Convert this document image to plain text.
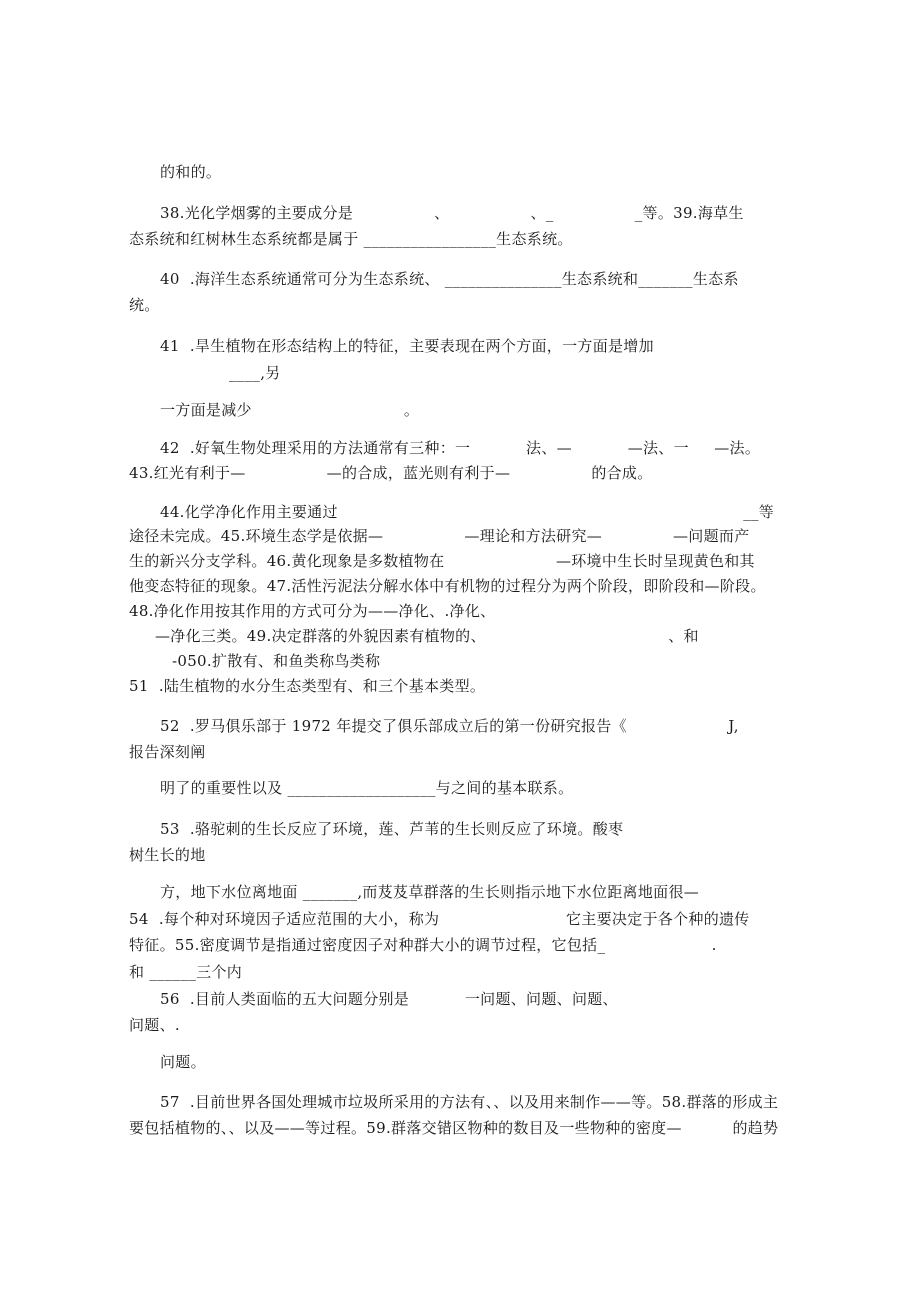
的和的。
38.光化学烟雾的主要成分是                、                、_                _等。39.海草生
态系统和红树林生态系统都是属于 _________________生态系统。
40  .海洋生态系统通常可分为生态系统、 _______________生态系统和_______生态系
统。
41  .旱生植物在形态结构上的特征，主要表现在两个方面，一方面是增加
____,另
一方面是减少                              。
42  .好氧生物处理采用的方法通常有三种：一           法、—           —法、一     —法。
43.红光有利于—                —的合成，蓝光则有利于—                的合成。
44.化学净化作用主要通过                                                                                __等
途径未完成。45.环境生态学是依据—                —理论和方法研究—              —问题而产
生的新兴分支学科。46.黄化现象是多数植物在                      —环境中生长时呈现黄色和其
他变态特征的现象。47.活性污泥法分解水体中有机物的过程分为两个阶段，即阶段和—阶段。
48.净化作用按其作用的方式可分为——净化、.净化、
—净化三类。49.决定群落的外貌因素有植物的、                                    、和
-050.扩散有、和鱼类称鸟类称
51  .陆生植物的水分生态类型有、和三个基本类型。
52  .罗马俱乐部于 1972 年提交了俱乐部成立后的第一份研究报告《                    J,
报告深刻阐
明了的重要性以及 ___________________与之间的基本联系。
53  .骆驼刺的生长反应了环境，莲、芦苇的生长则反应了环境。酸枣
树生长的地
方，地下水位离地面 _______,而芨芨草群落的生长则指示地下水位距离地面很—
54  .每个种对环境因子适应范围的大小，称为                         它主要决定于各个种的遗传
特征。55.密度调节是指通过密度因子对种群大小的调节过程，它包括_                     .
和 ______三个内
56  .目前人类面临的五大问题分别是           一问题、问题、问题、
问题、.
问题。
57  .目前世界各国处理城市垃圾所采用的方法有、、以及用来制作——等。58.群落的形成主
要包括植物的、、以及——等过程。59.群落交错区物种的数目及一些物种的密度—          的趋势
